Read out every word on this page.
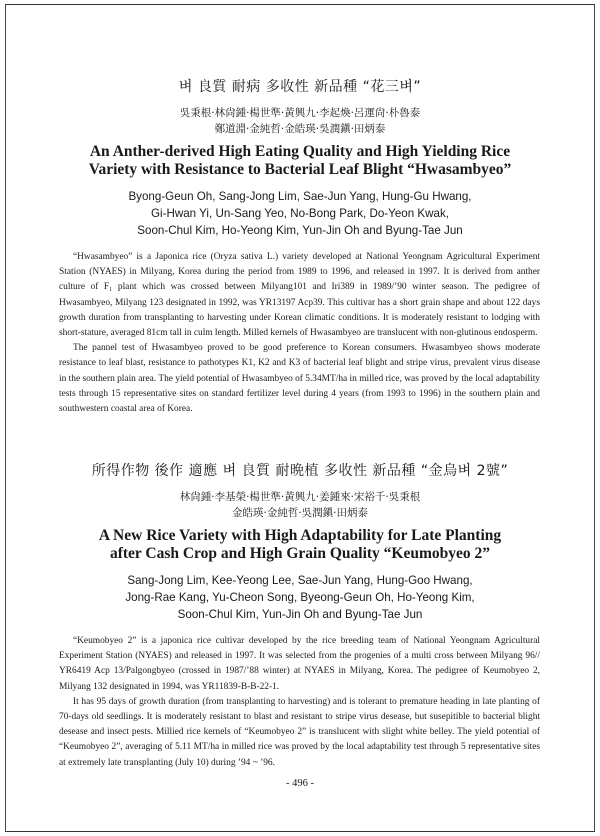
벼 良質 耐病 多收性 新品種 “花三벼”
吳秉根·林尙鍾·楊世準·黃興九·李起煥·呂運尙·朴魯泰
鄭道淵·金純哲·金皓瑛·吳潤鎭·田炳泰
An Anther-derived High Eating Quality and High Yielding Rice
Variety with Resistance to Bacterial Leaf Blight “Hwasambyeo”
Byong-Geun Oh, Sang-Jong Lim, Sae-Jun Yang, Hung-Gu Hwang,
Gi-Hwan Yi, Un-Sang Yeo, No-Bong Park, Do-Yeon Kwak,
Soon-Chul Kim, Ho-Yeong Kim, Yun-Jin Oh and Byung-Tae Jun

“Hwasambyeo” is a Japonica rice (Oryza sativa L.) variety developed at National Yeongnam Agricultural Experiment Station (NYAES) in Milyang, Korea during the period from 1989 to 1996, and released in 1997. It is derived from anther culture of F₁ plant which was crossed between Milyang101 and Iri389 in 1989/’90 winter season. The pedigree of Hwasambyeo, Milyang 123 designated in 1992, was YR13197 Acp39. This cultivar has a short grain shape and about 122 days growth duration from transplanting to harvesting under Korean climatic conditions. It is moderately resistant to lodging with short-stature, averaged 81cm tall in culm length. Milled kernels of Hwasambyeo are translucent with non-glutinous endosperm.

The pannel test of Hwasambyeo proved to be good preference to Korean consumers. Hwasambyeo shows moderate resistance to leaf blast, resistance to pathotypes K1, K2 and K3 of bacterial leaf blight and stripe virus, prevalent virus disease in the southern plain area. The yield potential of Hwasambyeo of 5.34MT/ha in milled rice, was proved by the local adaptability tests through 15 representative sites on standard fertilizer level during 4 years (from 1993 to 1996) in the southern plain and southwestern coastal area of Korea.

所得作物 後作 適應 벼 良質 耐晩植 多收性 新品種 “金烏벼 2號”
林尙鍾·李基榮·楊世準·黃興九·姜鍾來·宋裕千·吳秉根
金皓瑛·金純哲·吳潤鎭·田炳泰
A New Rice Variety with High Adaptability for Late Planting
after Cash Crop and High Grain Quality “Keumobyeo 2”
Sang-Jong Lim, Kee-Yeong Lee, Sae-Jun Yang, Hung-Goo Hwang,
Jong-Rae Kang, Yu-Cheon Song, Byeong-Geun Oh, Ho-Yeong Kim,
Soon-Chul Kim, Yun-Jin Oh and Byung-Tae Jun

“Keumobyeo 2” is a japonica rice cultivar developed by the rice breeding team of National Yeongnam Agricultural Experiment Station (NYAES) and released in 1997. It was selected from the progenies of a multi cross between Milyang 96// YR6419 Acp 13/Palgongbyeo (crossed in 1987/’88 winter) at NYAES in Milyang, Korea. The pedigree of Keumobyeo 2, Milyang 132 designated in 1994, was YR11839-B-B-22-1.

It has 95 days of growth duration (from transplanting to harvesting) and is tolerant to premature heading in late planting of 70-days old seedlings. It is moderately resistant to blast and resistant to stripe virus desease, but susepitible to bacterial blight desease and insect pests. Millied rice kernels of “Keumobyeo 2” is translucent with slight white belley. The yield potential of “Keumobyeo 2”, averaging of 5.11 MT/ha in milled rice was proved by the local adaptability test through 5 representative sites at extremely late transplanting (July 10) during ’94 ~ ’96.

- 496 -
